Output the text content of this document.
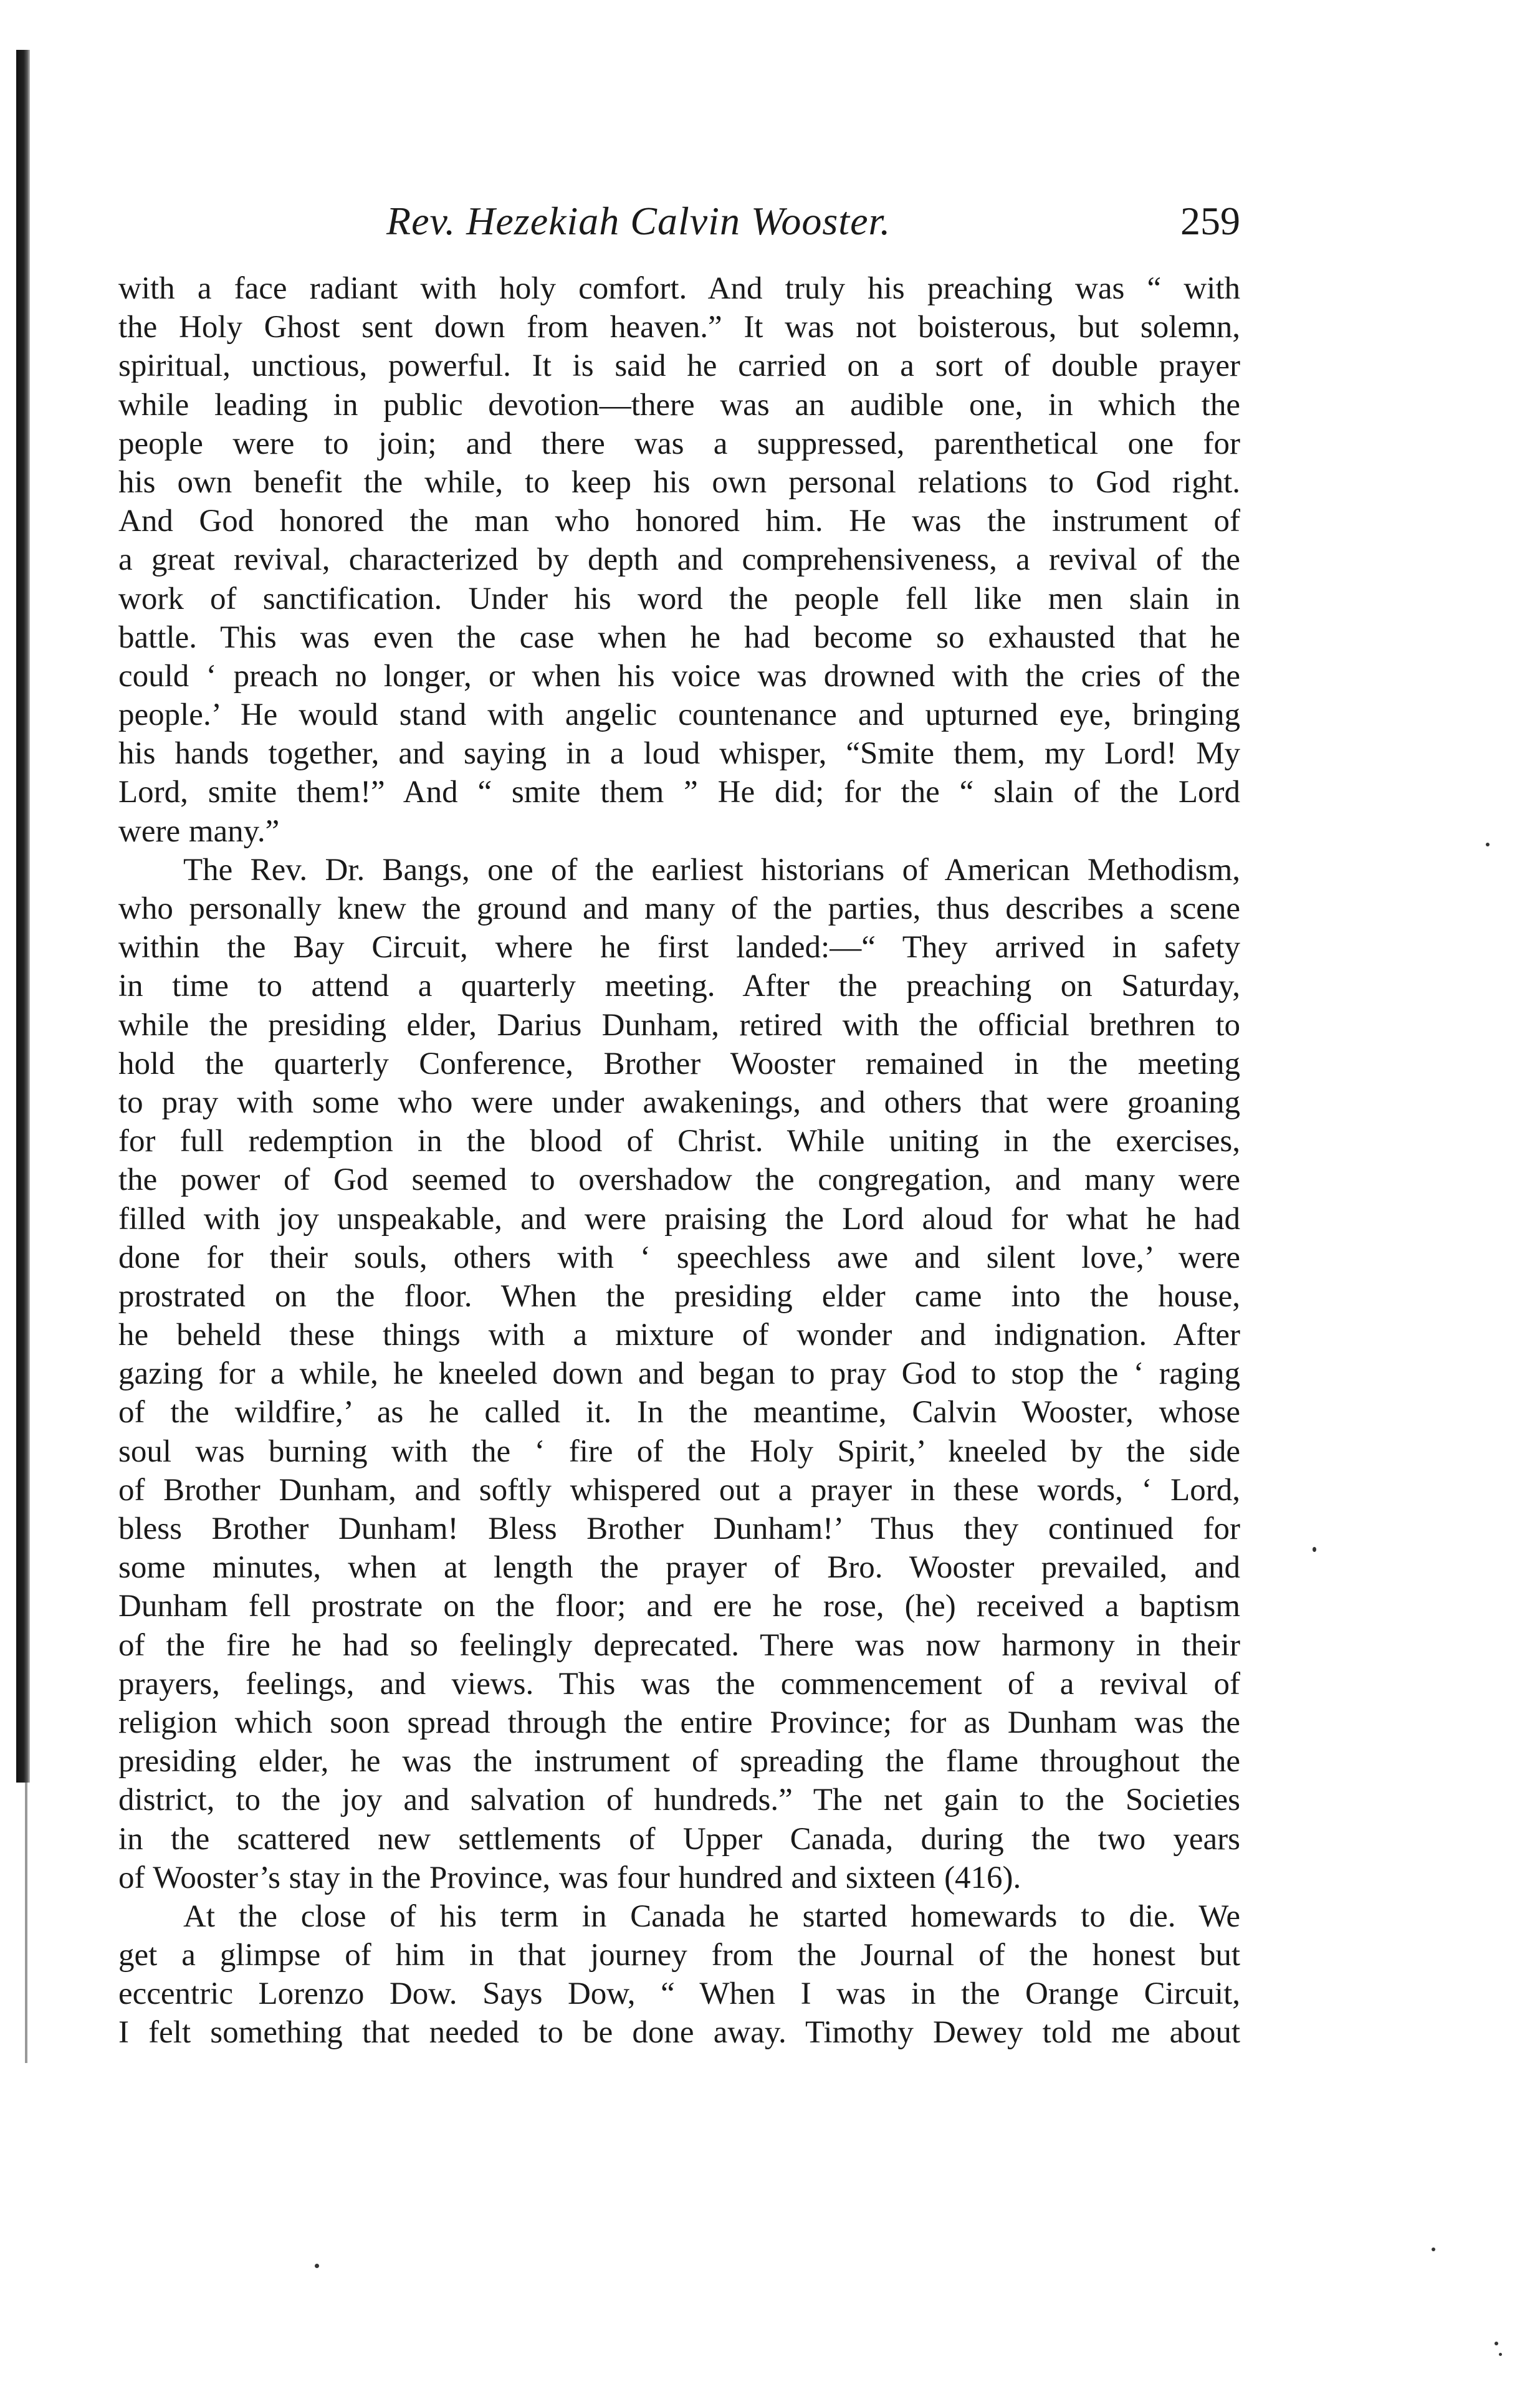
Rev. Hezekiah Calvin Wooster.	259
with a face radiant with holy comfort. And truly his preaching was “ with
the Holy Ghost sent down from heaven.” It was not boisterous, but solemn,
spiritual, unctious, powerful. It is said he carried on a sort of double prayer
while leading in public devotion—there was an audible one, in which the
people were to join; and there was a suppressed, parenthetical one for
his own benefit the while, to keep his own personal relations to God right.
And God honored the man who honored him. He was the instrument of
a great revival, characterized by depth and comprehensiveness, a revival of the
work of sanctification. Under his word the people fell like men slain in
battle. This was even the case when he had become so exhausted that he
could ‘ preach no longer, or when his voice was drowned with the cries of the
people.’ He would stand with angelic countenance and upturned eye, bringing
his hands together, and saying in a loud whisper, “Smite them, my Lord! My
Lord, smite them!” And “ smite them ” He did; for the “ slain of the Lord
were many.”
The Rev. Dr. Bangs, one of the earliest historians of American Methodism,
who personally knew the ground and many of the parties, thus describes a scene
within the Bay Circuit, where he first landed:—“ They arrived in safety
in time to attend a quarterly meeting. After the preaching on Saturday,
while the presiding elder, Darius Dunham, retired with the official brethren to
hold the quarterly Conference, Brother Wooster remained in the meeting
to pray with some who were under awakenings, and others that were groaning
for full redemption in the blood of Christ. While uniting in the exercises,
the power of God seemed to overshadow the congregation, and many were
filled with joy unspeakable, and were praising the Lord aloud for what he had
done for their souls, others with ‘ speechless awe and silent love,’ were
prostrated on the floor. When the presiding elder came into the house,
he beheld these things with a mixture of wonder and indignation. After
gazing for a while, he kneeled down and began to pray God to stop the ‘ raging
of the wildfire,’ as he called it. In the meantime, Calvin Wooster, whose
soul was burning with the ‘ fire of the Holy Spirit,’ kneeled by the side
of Brother Dunham, and softly whispered out a prayer in these words, ‘ Lord,
bless Brother Dunham! Bless Brother Dunham!’ Thus they continued for
some minutes, when at length the prayer of Bro. Wooster prevailed, and
Dunham fell prostrate on the floor; and ere he rose, (he) received a baptism
of the fire he had so feelingly deprecated. There was now harmony in their
prayers, feelings, and views. This was the commencement of a revival of
religion which soon spread through the entire Province; for as Dunham was the
presiding elder, he was the instrument of spreading the flame throughout the
district, to the joy and salvation of hundreds.” The net gain to the Societies
in the scattered new settlements of Upper Canada, during the two years
of Wooster’s stay in the Province, was four hundred and sixteen (416).
At the close of his term in Canada he started homewards to die. We
get a glimpse of him in that journey from the Journal of the honest but
eccentric Lorenzo Dow. Says Dow, “ When I was in the Orange Circuit,
I felt something that needed to be done away. Timothy Dewey told me about
